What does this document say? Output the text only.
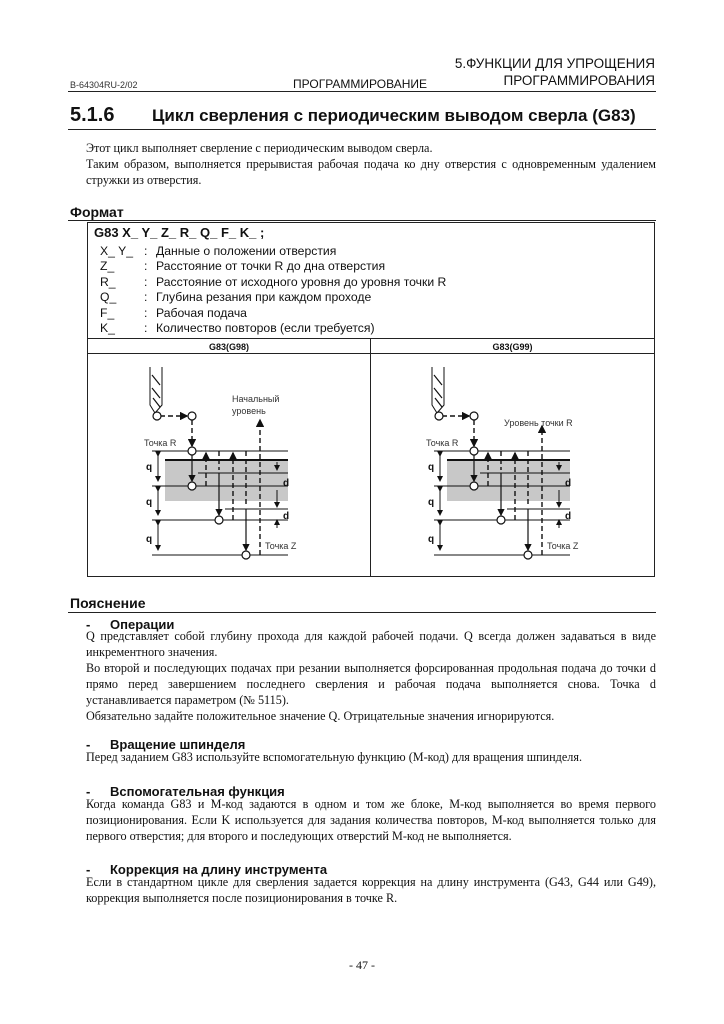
B-64304RU-2/02	ПРОГРАММИРОВАНИЕ
5.ФУНКЦИИ ДЛЯ УПРОЩЕНИЯ
ПРОГРАММИРОВАНИЯ
5.1.6 Цикл сверления с периодическим выводом сверла (G83)
Этот цикл выполняет сверление с периодическим выводом сверла.
Таким образом, выполняется прерывистая рабочая подача ко дну отверстия с одновременным удалением стружки из отверстия.
Формат
G83 X_ Y_ Z_ R_ Q_ F_ K_ ;
X_ Y_ : Данные о положении отверстия
Z_	: Расстояние от точки R до дна отверстия
R_	: Расстояние от исходного уровня до уровня точки R
Q_	: Глубина резания при каждом проходе
F_	: Рабочая подача
K_	: Количество повторов (если требуется)
G83(G98)	G83(G99)
Начальный
уровень
Точка R
Точка Z
q
q
q
d
d
Уровень точки R
Точка R
Точка Z
q
q
q
d
d
Пояснение
- Операции
Q представляет собой глубину прохода для каждой рабочей подачи. Q всегда должен задаваться в виде инкрементного значения.
Во второй и последующих подачах при резании выполняется форсированная продольная подача до точки d прямо перед завершением последнего сверления и рабочая подача выполняется снова. Точка d устанавливается параметром (№ 5115).
Обязательно задайте положительное значение Q. Отрицательные значения игнорируются.
- Вращение шпинделя
Перед заданием G83 используйте вспомогательную функцию (M-код) для вращения шпинделя.
- Вспомогательная функция
Когда команда G83 и M-код задаются в одном и том же блоке, M-код выполняется во время первого позиционирования. Если K используется для задания количества повторов, M-код выполняется только для первого отверстия; для второго и последующих отверстий M-код не выполняется.
- Коррекция на длину инструмента
Если в стандартном цикле для сверления задается коррекция на длину инструмента (G43, G44 или G49), коррекция выполняется после позиционирования в точке R.
- 47 -
